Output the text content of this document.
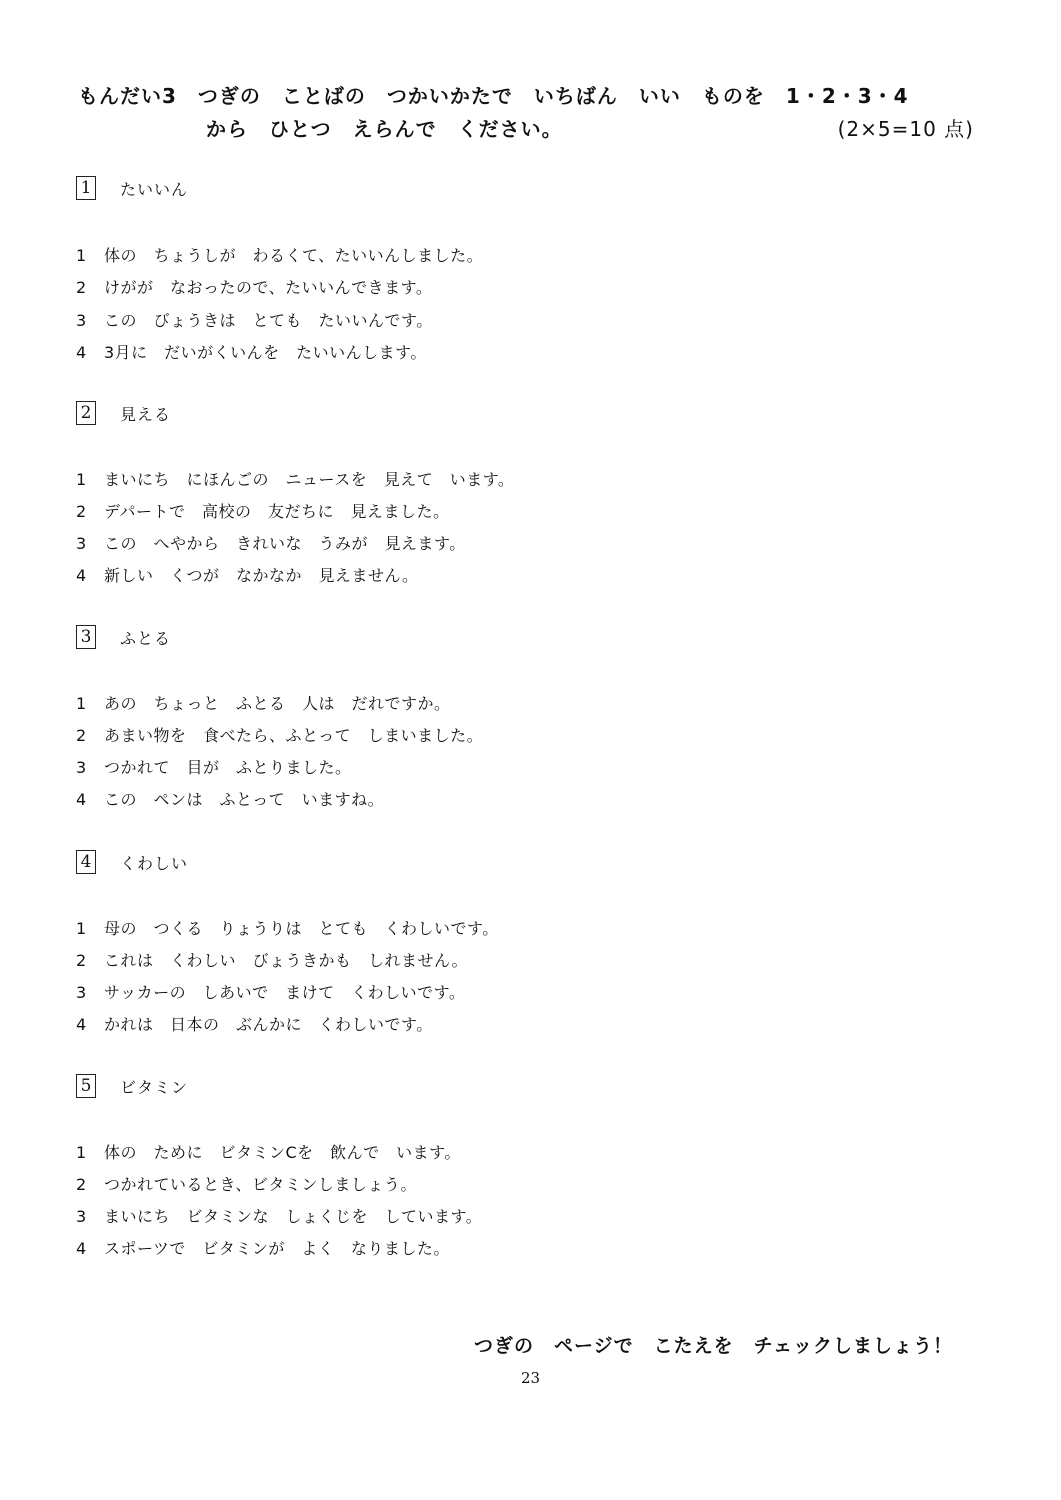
もんだい3　つぎの　ことばの　つかいかたで　いちばん　いい　ものを　1・2・3・4
から　ひとつ　えらんで　ください。	(2×5=10 点)
1 たいいん
1 体の　ちょうしが　わるくて、たいいんしました。
2 けがが　なおったので、たいいんできます。
3 この　びょうきは　とても　たいいんです。
4 3月に　だいがくいんを　たいいんします。
2 見える
1 まいにち　にほんごの　ニュースを　見えて　います。
2 デパートで　高校の　友だちに　見えました。
3 この　へやから　きれいな　うみが　見えます。
4 新しい　くつが　なかなか　見えません。
3 ふとる
1 あの　ちょっと　ふとる　人は　だれですか。
2 あまい物を　食べたら、ふとって　しまいました。
3 つかれて　目が　ふとりました。
4 この　ペンは　ふとって　いますね。
4 くわしい
1 母の　つくる　りょうりは　とても　くわしいです。
2 これは　くわしい　びょうきかも　しれません。
3 サッカーの　しあいで　まけて　くわしいです。
4 かれは　日本の　ぶんかに　くわしいです。
5 ビタミン
1 体の　ために　ビタミンCを　飲んで　います。
2 つかれているとき、ビタミンしましょう。
3 まいにち　ビタミンな　しょくじを　しています。
4 スポーツで　ビタミンが　よく　なりました。
つぎの　ページで　こたえを　チェックしましょう！
23
